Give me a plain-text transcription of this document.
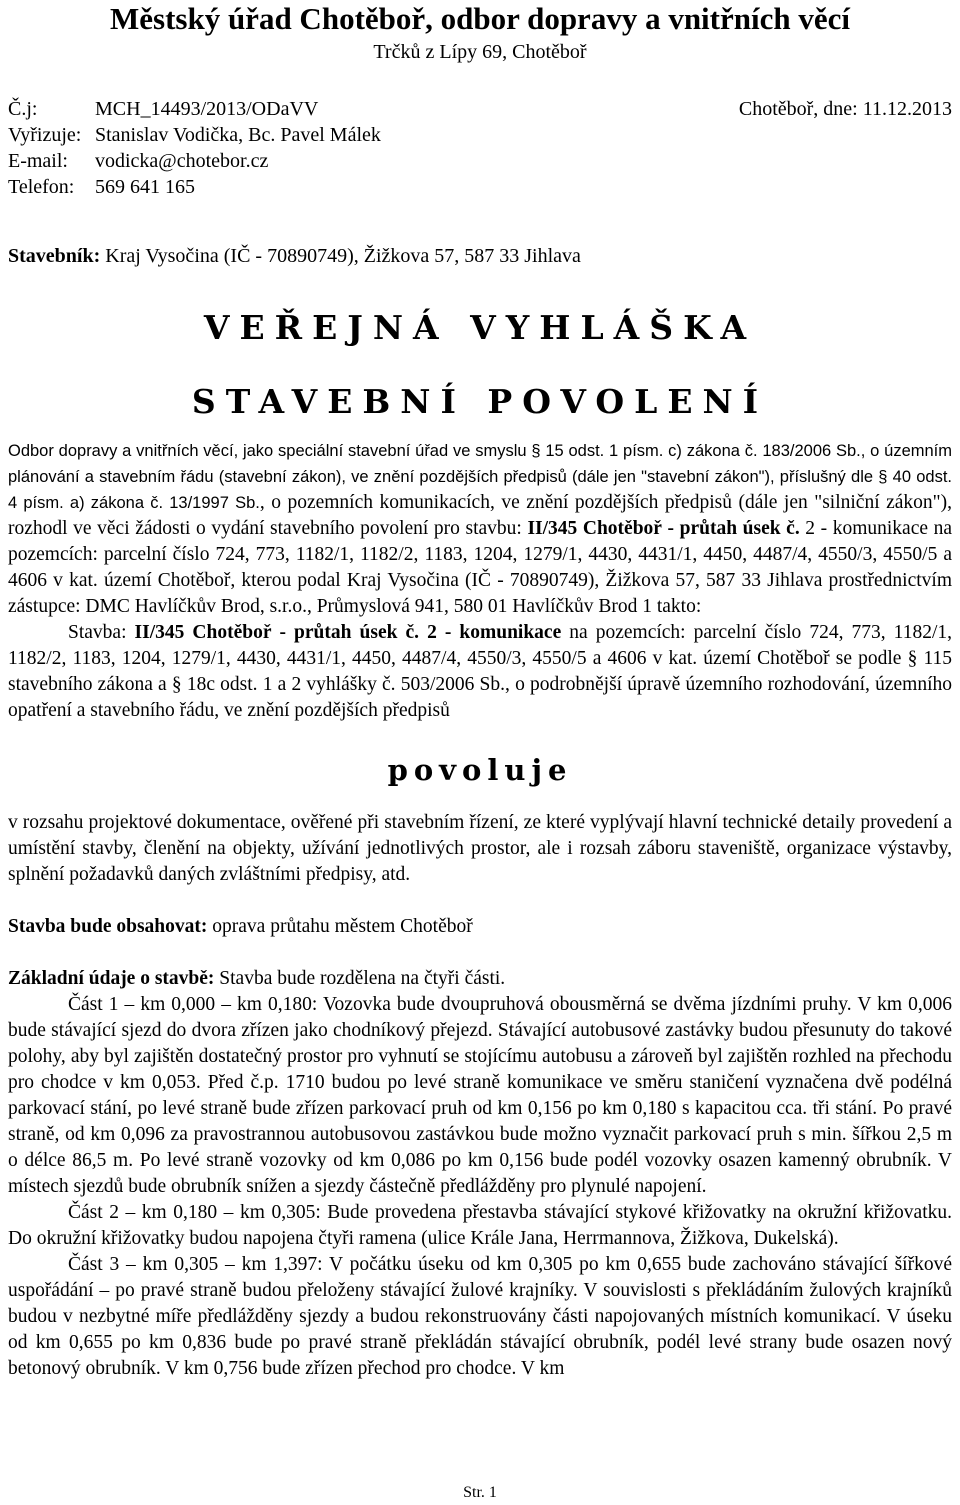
Městský úřad Chotěboř, odbor dopravy a vnitřních věcí
Trčků z Lípy 69, Chotěboř
Č.j:	MCH_14493/2013/ODaVV	Chotěboř, dne: 11.12.2013
Vyřizuje: Stanislav Vodička, Bc. Pavel Málek
E-mail:	vodicka@chotebor.cz
Telefon:	569 641 165
Stavebník: Kraj Vysočina (IČ - 70890749), Žižkova 57, 587 33 Jihlava
VEŘEJNÁ VYHLÁŠKA
STAVEBNÍ POVOLENÍ

Odbor dopravy a vnitřních věcí, jako speciální stavební úřad ve smyslu § 15 odst. 1 písm. c) zákona č. 183/2006 Sb., o územním plánování a stavebním řádu (stavební zákon), ve znění pozdějších předpisů (dále jen "stavební zákon"), příslušný dle § 40 odst. 4 písm. a) zákona č. 13/1997 Sb., o pozemních komunikacích, ve znění pozdějších předpisů (dále jen "silniční zákon"), rozhodl ve věci žádosti o vydání stavebního povolení pro stavbu: II/345 Chotěboř - průtah úsek č. 2 - komunikace na pozemcích: parcelní číslo 724, 773, 1182/1, 1182/2, 1183, 1204, 1279/1, 4430, 4431/1, 4450, 4487/4, 4550/3, 4550/5 a 4606 v kat. území Chotěboř, kterou podal Kraj Vysočina (IČ - 70890749), Žižkova 57, 587 33 Jihlava prostřednictvím zástupce: DMC Havlíčkův Brod, s.r.o., Průmyslová 941, 580 01 Havlíčkův Brod 1 takto:

Stavba: II/345 Chotěboř - průtah úsek č. 2 - komunikace na pozemcích: parcelní číslo 724, 773, 1182/1, 1182/2, 1183, 1204, 1279/1, 4430, 4431/1, 4450, 4487/4, 4550/3, 4550/5 a 4606 v kat. území Chotěboř se podle § 115 stavebního zákona a § 18c odst. 1 a 2 vyhlášky č. 503/2006 Sb., o podrobnější úpravě územního rozhodování, územního opatření a stavebního řádu, ve znění pozdějších předpisů

povoluje

v rozsahu projektové dokumentace, ověřené při stavebním řízení, ze které vyplývají hlavní technické detaily provedení a umístění stavby, členění na objekty, užívání jednotlivých prostor, ale i rozsah záboru staveniště, organizace výstavby, splnění požadavků daných zvláštními předpisy, atd.

Stavba bude obsahovat: oprava průtahu městem Chotěboř

Základní údaje o stavbě: Stavba bude rozdělena na čtyři části.

Část 1 – km 0,000 – km 0,180: Vozovka bude dvoupruhová obousměrná se dvěma jízdními pruhy. V km 0,006 bude stávající sjezd do dvora zřízen jako chodníkový přejezd. Stávající autobusové zastávky budou přesunuty do takové polohy, aby byl zajištěn dostatečný prostor pro vyhnutí se stojícímu autobusu a zároveň byl zajištěn rozhled na přechodu pro chodce v km 0,053. Před č.p. 1710 budou po levé straně komunikace ve směru staničení vyznačena dvě podélná parkovací stání, po levé straně bude zřízen parkovací pruh od km 0,156 po km 0,180 s kapacitou cca. tři stání. Po pravé straně, od km 0,096 za pravostrannou autobusovou zastávkou bude možno vyznačit parkovací pruh s min. šířkou 2,5 m o délce 86,5 m. Po levé straně vozovky od km 0,086 po km 0,156 bude podél vozovky osazen kamenný obrubník. V místech sjezdů bude obrubník snížen a sjezdy částečně předlážděny pro plynulé napojení.

Část 2 – km 0,180 – km 0,305: Bude provedena přestavba stávající stykové křižovatky na okružní křižovatku. Do okružní křižovatky budou napojena čtyři ramena (ulice Krále Jana, Herrmannova, Žižkova, Dukelská).

Část 3 – km 0,305 – km 1,397: V počátku úseku od km 0,305 po km 0,655 bude zachováno stávající šířkové uspořádání – po pravé straně budou přeloženy stávající žulové krajníky. V souvislosti s překládáním žulových krajníků budou v nezbytné míře předlážděny sjezdy a budou rekonstruovány části napojovaných místních komunikací. V úseku od km 0,655 po km 0,836 bude po pravé straně překládán stávající obrubník, podél levé strany bude osazen nový betonový obrubník. V km 0,756 bude zřízen přechod pro chodce. V km

Str. 1
